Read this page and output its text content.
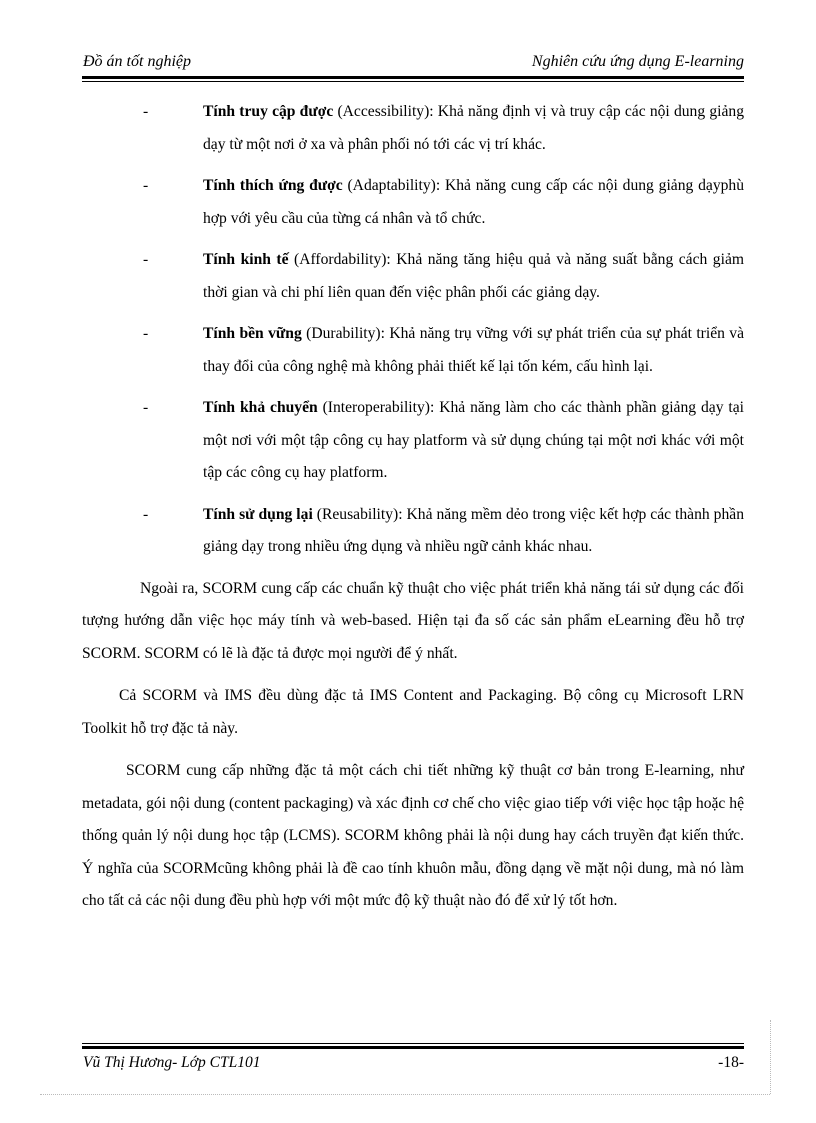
Đồ án tốt nghiệp	Nghiên cứu ứng dụng E-learning
-	Tính truy cập được (Accessibility): Khả năng định vị và truy cập các nội dung giảng dạy từ một nơi ở xa và phân phối nó tới các vị trí khác.
-	Tính thích ứng được (Adaptability): Khả năng cung cấp các nội dung giảng dạyphù hợp với yêu cầu của từng cá nhân và tổ chức.
-	Tính kinh tế (Affordability): Khả năng tăng hiệu quả và năng suất bằng cách giảm thời gian và chi phí liên quan đến việc phân phối các giảng dạy.
-	Tính bền vững (Durability): Khả năng trụ vững với sự phát triển của sự phát triển và thay đổi của công nghệ mà không phải thiết kế lại tốn kém, cấu hình lại.
-	Tính khả chuyển (Interoperability): Khả năng làm cho các thành phần giảng dạy tại một nơi với một tập công cụ hay platform và sử dụng chúng tại một nơi khác với một tập các công cụ hay platform.
-	Tính sử dụng lại (Reusability): Khả năng mềm dẻo trong việc kết hợp các thành phần giảng dạy trong nhiều ứng dụng và nhiều ngữ cảnh khác nhau.

Ngoài ra, SCORM cung cấp các chuẩn kỹ thuật cho việc phát triển khả năng tái sử dụng các đối tượng hướng dẫn việc học máy tính và web-based. Hiện tại đa số các sản phẩm eLearning đều hỗ trợ SCORM. SCORM có lẽ là đặc tả được mọi người để ý nhất.

Cả SCORM và IMS đều dùng đặc tả IMS Content and Packaging. Bộ công cụ Microsoft LRN Toolkit hỗ trợ đặc tả này.

SCORM cung cấp những đặc tả một cách chi tiết những kỹ thuật cơ bản trong E-learning, như metadata, gói nội dung (content packaging) và xác định cơ chế cho việc giao tiếp với việc học tập hoặc hệ thống quản lý nội dung học tập (LCMS). SCORM không phải là nội dung hay cách truyền đạt kiến thức. Ý nghĩa của SCORMcũng không phải là đề cao tính khuôn mẫu, đồng dạng về mặt nội dung, mà nó làm cho tất cả các nội dung đều phù hợp với một mức độ kỹ thuật nào đó để xử lý tốt hơn.

Vũ Thị Hương- Lớp CTL101	-18-
